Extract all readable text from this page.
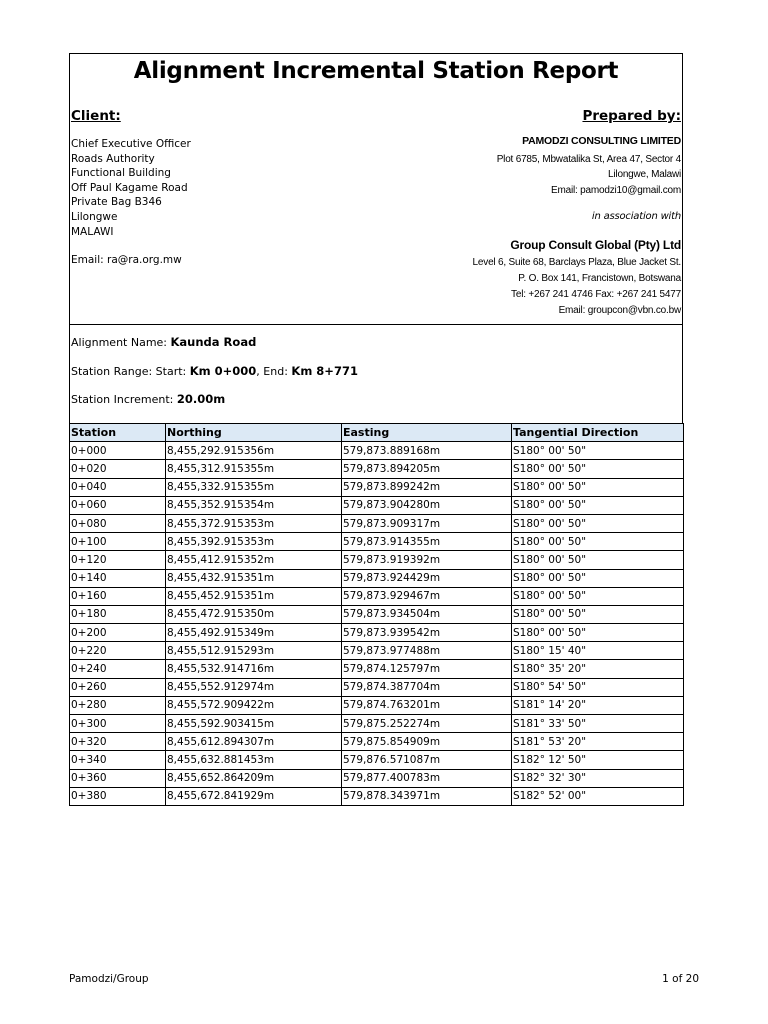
Alignment Incremental Station Report
Client:
Chief Executive Officer
Roads Authority
Functional Building
Off Paul Kagame Road
Private Bag B346
Lilongwe
MALAWI
Email: ra@ra.org.mw
Prepared by:
PAMODZI CONSULTING LIMITED
Plot 6785, Mbwatalika St, Area 47, Sector 4
Lilongwe, Malawi
Email: pamodzi10@gmail.com
in association with
Group Consult Global (Pty) Ltd
Level 6, Suite 68, Barclays Plaza, Blue Jacket St.
P. O. Box 141, Francistown, Botswana
Tel: +267 241 4746 Fax: +267 241 5477
Email: groupcon@vbn.co.bw
Alignment Name: Kaunda Road
Station Range: Start: Km 0+000, End: Km 8+771
Station Increment: 20.00m
Station	Northing	Easting	Tangential Direction
0+000	8,455,292.915356m	579,873.889168m	S180° 00' 50"
0+020	8,455,312.915355m	579,873.894205m	S180° 00' 50"
0+040	8,455,332.915355m	579,873.899242m	S180° 00' 50"
0+060	8,455,352.915354m	579,873.904280m	S180° 00' 50"
0+080	8,455,372.915353m	579,873.909317m	S180° 00' 50"
0+100	8,455,392.915353m	579,873.914355m	S180° 00' 50"
0+120	8,455,412.915352m	579,873.919392m	S180° 00' 50"
0+140	8,455,432.915351m	579,873.924429m	S180° 00' 50"
0+160	8,455,452.915351m	579,873.929467m	S180° 00' 50"
0+180	8,455,472.915350m	579,873.934504m	S180° 00' 50"
0+200	8,455,492.915349m	579,873.939542m	S180° 00' 50"
0+220	8,455,512.915293m	579,873.977488m	S180° 15' 40"
0+240	8,455,532.914716m	579,874.125797m	S180° 35' 20"
0+260	8,455,552.912974m	579,874.387704m	S180° 54' 50"
0+280	8,455,572.909422m	579,874.763201m	S181° 14' 20"
0+300	8,455,592.903415m	579,875.252274m	S181° 33' 50"
0+320	8,455,612.894307m	579,875.854909m	S181° 53' 20"
0+340	8,455,632.881453m	579,876.571087m	S182° 12' 50"
0+360	8,455,652.864209m	579,877.400783m	S182° 32' 30"
0+380	8,455,672.841929m	579,878.343971m	S182° 52' 00"
Pamodzi/Group	1 of 20
